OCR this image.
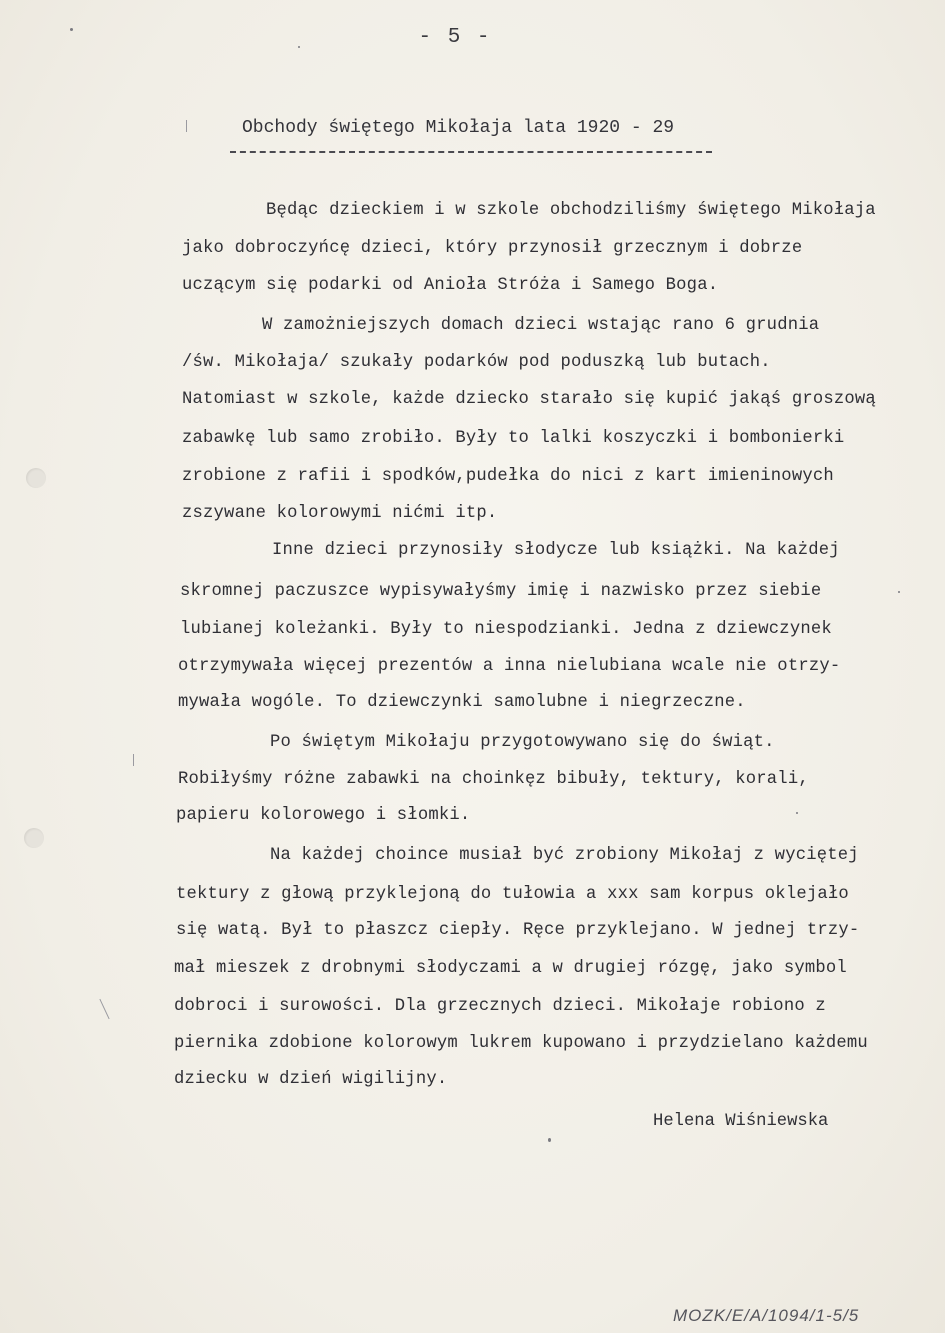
- 5 -
Obchody świętego Mikołaja lata 1920 - 29
Będąc dzieckiem i w szkole obchodziliśmy świętego Mikołaja
jako dobroczyńcę dzieci, który przynosił grzecznym i dobrze
uczącym się podarki od Anioła Stróża i Samego Boga.
W zamożniejszych domach dzieci wstając rano 6 grudnia
/św. Mikołaja/ szukały podarków pod poduszką lub butach.
Natomiast w szkole, każde dziecko starało się kupić jakąś groszową
zabawkę lub samo zrobiło. Były to lalki koszyczki i bombonierki
zrobione z rafii i spodków,pudełka do nici z kart imieninowych
zszywane kolorowymi nićmi itp.
Inne dzieci przynosiły słodycze lub książki. Na każdej
skromnej paczuszce wypisywałyśmy imię i nazwisko przez siebie
lubianej koleżanki. Były to niespodzianki. Jedna z dziewczynek
otrzymywała więcej prezentów a inna nielubiana wcale nie otrzy-
mywała wogóle. To dziewczynki samolubne i niegrzeczne.
Po świętym Mikołaju przygotowywano się do świąt.
Robiłyśmy różne zabawki na choinkęz bibuły, tektury, korali,
papieru kolorowego i słomki.
Na każdej choince musiał być zrobiony Mikołaj z wyciętej
tektury z głową przyklejoną do tułowia a xxx sam korpus oklejało
się watą. Był to płaszcz ciepły. Ręce przyklejano. W jednej trzy-
mał mieszek z drobnymi słodyczami a w drugiej rózgę, jako symbol
dobroci i surowości. Dla grzecznych dzieci. Mikołaje robiono z
piernika zdobione kolorowym lukrem kupowano i przydzielano każdemu
dziecku w dzień wigilijny.
Helena Wiśniewska
MOZK/E/A/1094/1-5/5
